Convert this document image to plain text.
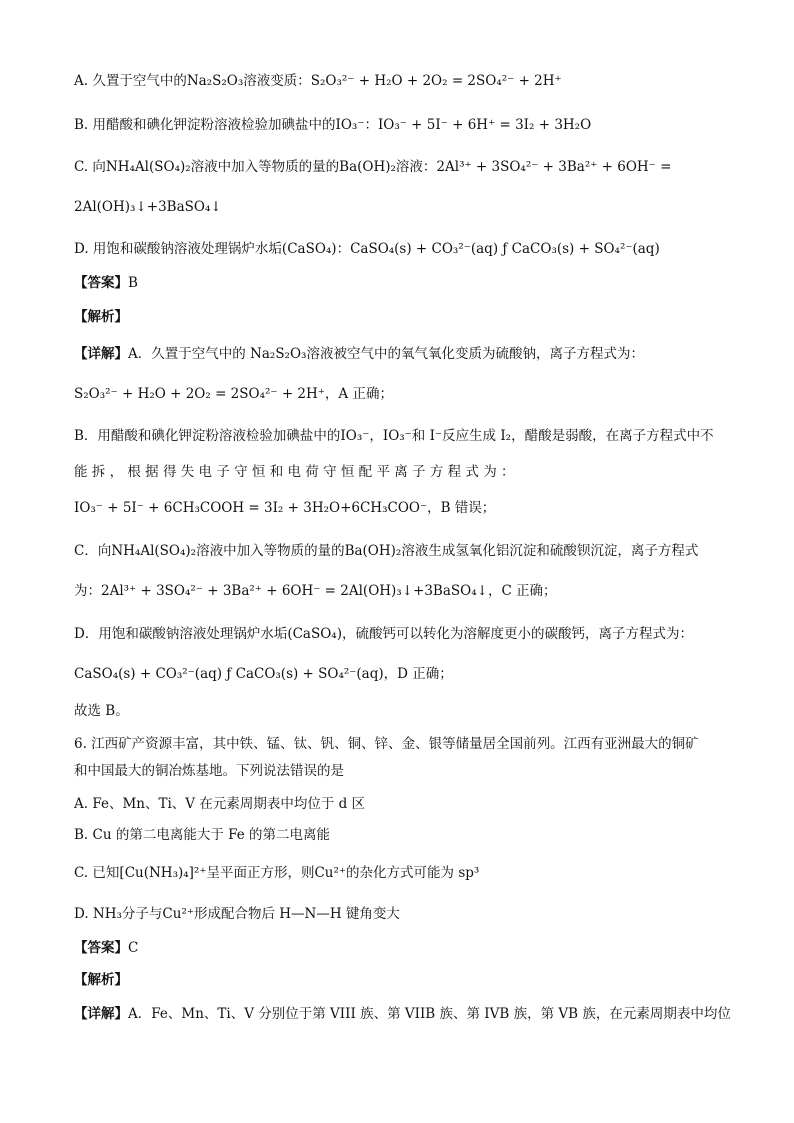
A. 久置于空气中的Na₂S₂O₃溶液变质：S₂O₃²⁻ + H₂O + 2O₂ = 2SO₄²⁻ + 2H⁺
B. 用醋酸和碘化钾淀粉溶液检验加碘盐中的IO₃⁻：IO₃⁻ + 5I⁻ + 6H⁺ = 3I₂ + 3H₂O
C. 向NH₄Al(SO₄)₂溶液中加入等物质的量的Ba(OH)₂溶液：2Al³⁺ + 3SO₄²⁻ + 3Ba²⁺ + 6OH⁻ =
2Al(OH)₃↓+3BaSO₄↓
D. 用饱和碳酸钠溶液处理锅炉水垢(CaSO₄)：CaSO₄(s) + CO₃²⁻(aq) ƒ CaCO₃(s) + SO₄²⁻(aq)
【答案】B
【解析】
【详解】A．久置于空气中的 Na₂S₂O₃溶液被空气中的氧气氧化变质为硫酸钠，离子方程式为：
S₂O₃²⁻ + H₂O + 2O₂ = 2SO₄²⁻ + 2H⁺，A 正确；
B．用醋酸和碘化钾淀粉溶液检验加碘盐中的IO₃⁻，IO₃⁻和 I⁻反应生成 I₂，醋酸是弱酸，在离子方程式中不
能 拆 ， 根 据 得 失 电 子 守 恒 和 电 荷 守 恒 配 平 离 子 方 程 式 为 ：
IO₃⁻ + 5I⁻ + 6CH₃COOH = 3I₂ + 3H₂O+6CH₃COO⁻，B 错误；
C．向NH₄Al(SO₄)₂溶液中加入等物质的量的Ba(OH)₂溶液生成氢氧化铝沉淀和硫酸钡沉淀，离子方程式
为：2Al³⁺ + 3SO₄²⁻ + 3Ba²⁺ + 6OH⁻ = 2Al(OH)₃↓+3BaSO₄↓，C 正确；
D．用饱和碳酸钠溶液处理锅炉水垢(CaSO₄)，硫酸钙可以转化为溶解度更小的碳酸钙，离子方程式为：
CaSO₄(s) + CO₃²⁻(aq) ƒ CaCO₃(s) + SO₄²⁻(aq)，D 正确；
故选 B。
6. 江西矿产资源丰富，其中铁、锰、钛、钒、铜、锌、金、银等储量居全国前列。江西有亚洲最大的铜矿
和中国最大的铜冶炼基地。下列说法错误的是
A. Fe、Mn、Ti、V 在元素周期表中均位于 d 区
B. Cu 的第二电离能大于 Fe 的第二电离能
C. 已知[Cu(NH₃)₄]²⁺呈平面正方形，则Cu²⁺的杂化方式可能为 sp³
D. NH₃分子与Cu²⁺形成配合物后 H—N—H 键角变大
【答案】C
【解析】
【详解】A．Fe、Mn、Ti、V 分别位于第 VIII 族、第 VIIB 族、第 IVB 族，第 VB 族，在元素周期表中均位
